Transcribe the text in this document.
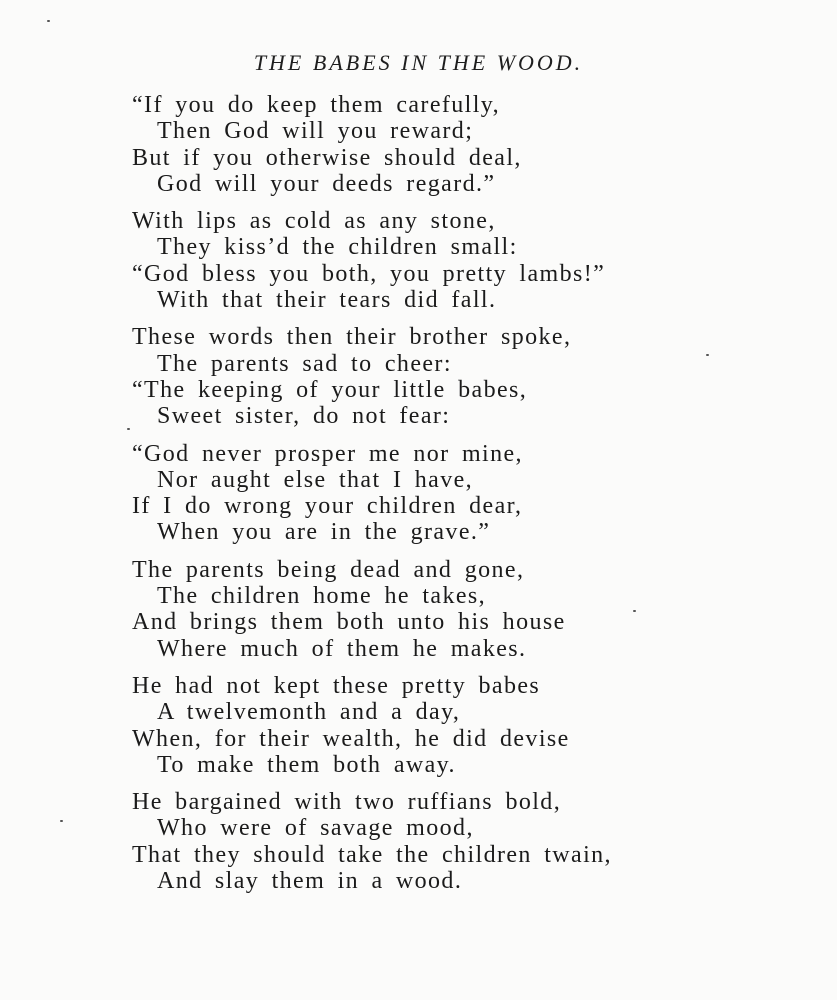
THE BABES IN THE WOOD.
“If you do keep them carefully,
Then God will you reward;
But if you otherwise should deal,
God will your deeds regard.”
With lips as cold as any stone,
They kiss’d the children small:
“God bless you both, you pretty lambs!”
With that their tears did fall.
These words then their brother spoke,
The parents sad to cheer:
“The keeping of your little babes,
Sweet sister, do not fear:
“God never prosper me nor mine,
Nor aught else that I have,
If I do wrong your children dear,
When you are in the grave.”
The parents being dead and gone,
The children home he takes,
And brings them both unto his house
Where much of them he makes.
He had not kept these pretty babes
A twelvemonth and a day,
When, for their wealth, he did devise
To make them both away.
He bargained with two ruffians bold,
Who were of savage mood,
That they should take the children twain,
And slay them in a wood.
